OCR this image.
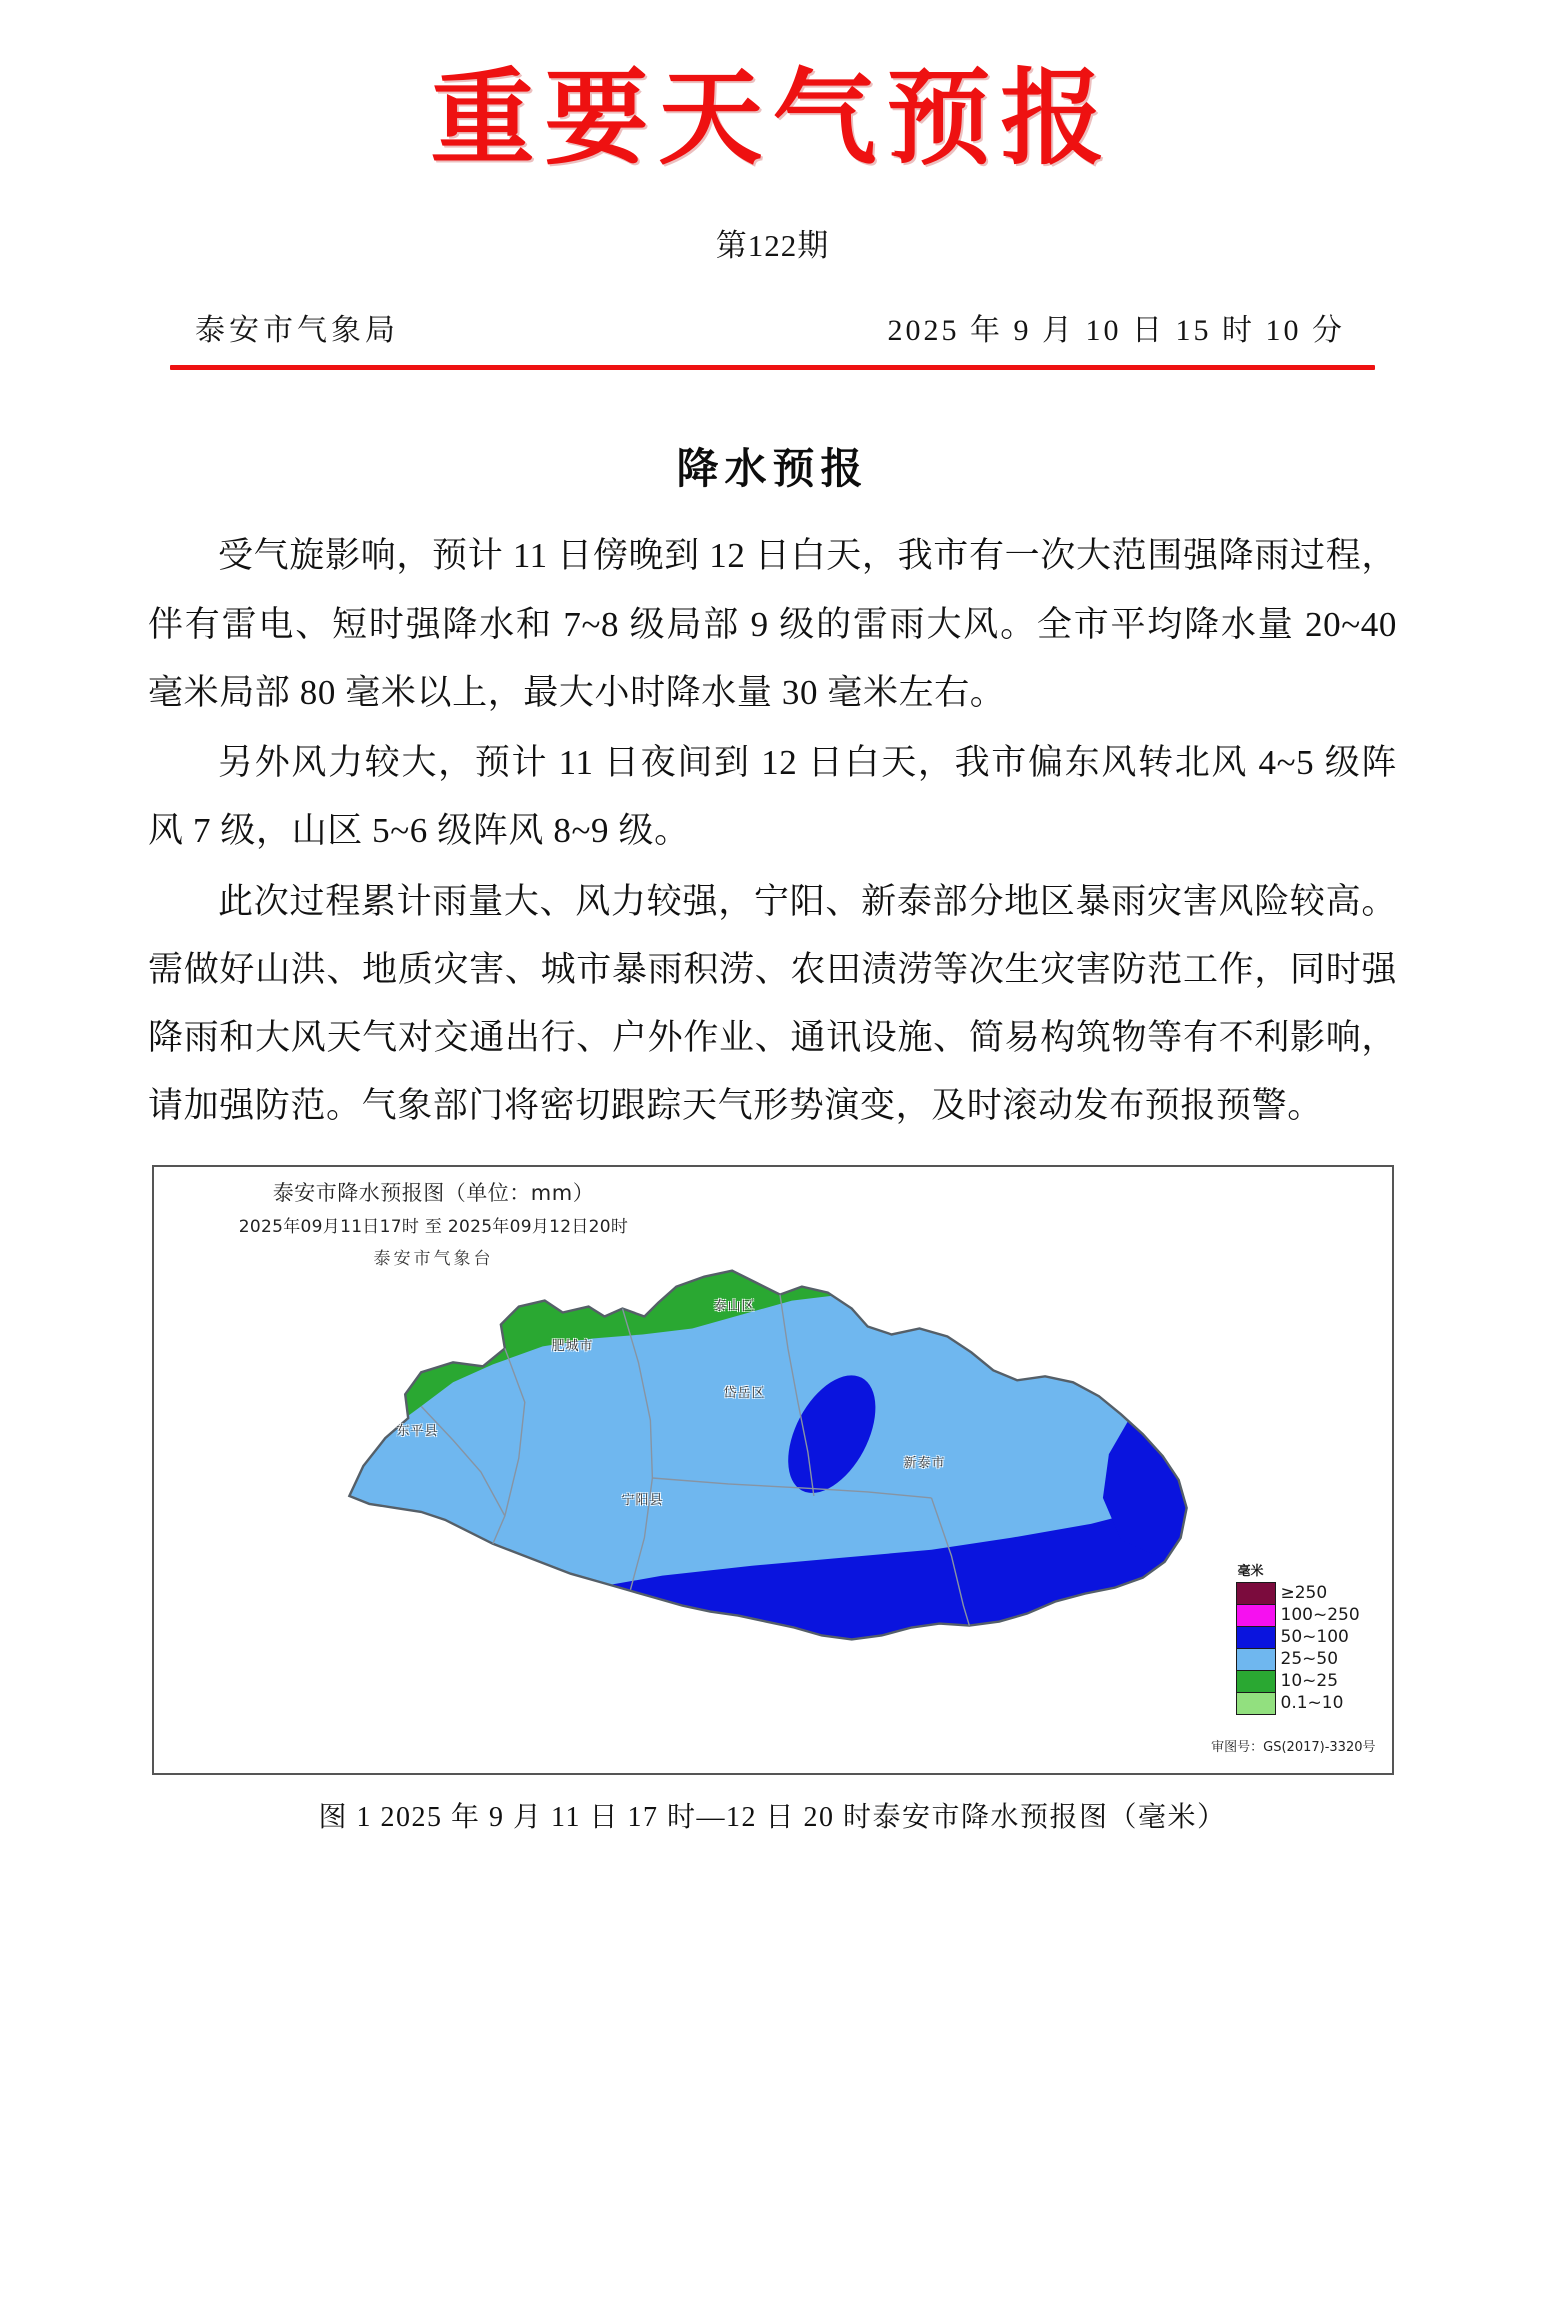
重要天气预报
第122期
泰安市气象局	2025 年 9 月 10 日 15 时 10 分
降水预报

受气旋影响，预计 11 日傍晚到 12 日白天，我市有一次大范围强降雨过程，伴有雷电、短时强降水和 7~8 级局部 9 级的雷雨大风。全市平均降水量 20~40 毫米局部 80 毫米以上，最大小时降水量 30 毫米左右。

另外风力较大，预计 11 日夜间到 12 日白天，我市偏东风转北风 4~5 级阵风 7 级，山区 5~6 级阵风 8~9 级。

此次过程累计雨量大、风力较强，宁阳、新泰部分地区暴雨灾害风险较高。需做好山洪、地质灾害、城市暴雨积涝、农田渍涝等次生灾害防范工作，同时强降雨和大风天气对交通出行、户外作业、通讯设施、简易构筑物等有不利影响，请加强防范。气象部门将密切跟踪天气形势演变，及时滚动发布预报预警。

泰安市降水预报图（单位：mm）
2025年09月11日17时 至 2025年09月12日20时
泰安市气象台
肥城市
东平县
泰山区
岱岳区
新泰市
宁阳县
毫米
≥250
100~250
50~100
25~50
10~25
0.1~10
审图号：GS(2017)-3320号
图 1 2025 年 9 月 11 日 17 时—12 日 20 时泰安市降水预报图（毫米）
